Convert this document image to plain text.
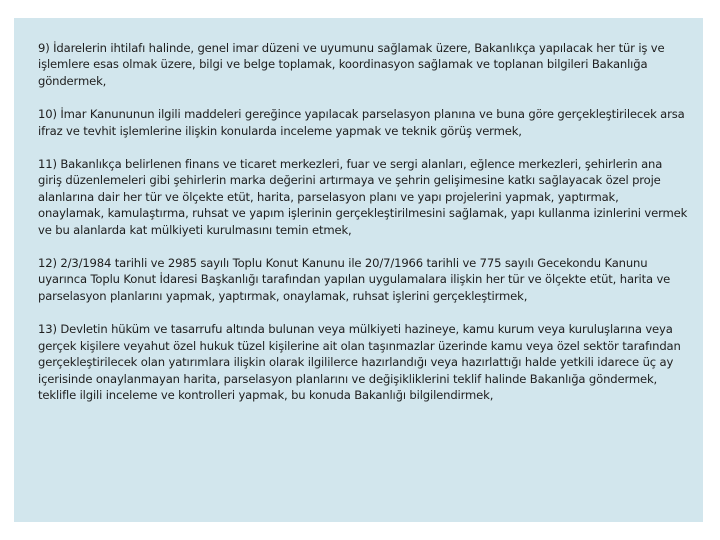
9) İdarelerin ihtilafı halinde, genel imar düzeni ve uyumunu sağlamak üzere, Bakanlıkça yapılacak her tür iş ve işlemlere esas olmak üzere, bilgi ve belge toplamak, koordinasyon sağlamak ve toplanan bilgileri Bakanlığa göndermek,

10) İmar Kanununun ilgili maddeleri gereğince yapılacak parselasyon planına ve buna göre gerçekleştirilecek arsa ifraz ve tevhit işlemlerine ilişkin konularda inceleme yapmak ve teknik görüş vermek,

11) Bakanlıkça belirlenen finans ve ticaret merkezleri, fuar ve sergi alanları, eğlence merkezleri, şehirlerin ana giriş düzenlemeleri gibi şehirlerin marka değerini artırmaya ve şehrin gelişimesine katkı sağlayacak özel proje alanlarına dair her tür ve ölçekte etüt, harita, parselasyon planı ve yapı projelerini yapmak, yaptırmak, onaylamak, kamulaştırma, ruhsat ve yapım işlerinin gerçekleştirilmesini sağlamak, yapı kullanma izinlerini vermek ve bu alanlarda kat mülkiyeti kurulmasını temin etmek,

12) 2/3/1984 tarihli ve 2985 sayılı Toplu Konut Kanunu ile 20/7/1966 tarihli ve 775 sayılı Gecekondu Kanunu uyarınca Toplu Konut İdaresi Başkanlığı tarafından yapılan uygulamalara ilişkin her tür ve ölçekte etüt, harita ve parselasyon planlarını yapmak, yaptırmak, onaylamak, ruhsat işlerini gerçekleştirmek,

13) Devletin hüküm ve tasarrufu altında bulunan veya mülkiyeti hazineye, kamu kurum veya kuruluşlarına veya gerçek kişilere veyahut özel hukuk tüzel kişilerine ait olan taşınmazlar üzerinde kamu veya özel sektör tarafından gerçekleştirilecek olan yatırımlara ilişkin olarak ilgililerce hazırlandığı veya hazırlattığı halde yetkili idarece üç ay içerisinde onaylanmayan harita, parselasyon planlarını ve değişikliklerini teklif halinde Bakanlığa göndermek, teklifle ilgili inceleme ve kontrolleri yapmak, bu konuda Bakanlığı bilgilendirmek,
